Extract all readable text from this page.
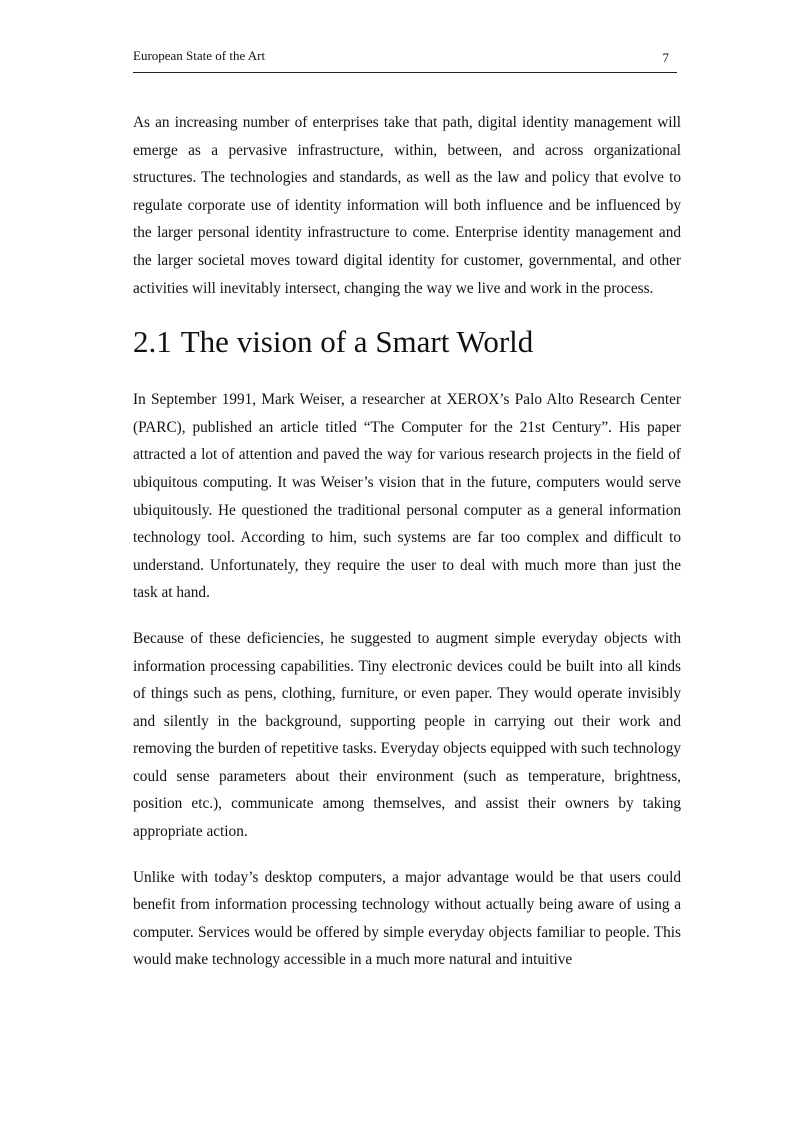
European State of the Art	7

As an increasing number of enterprises take that path, digital identity management will emerge as a pervasive infrastructure, within, between, and across organizational structures. The technologies and standards, as well as the law and policy that evolve to regulate corporate use of identity information will both influence and be influenced by the larger personal identity infrastructure to come. Enterprise identity management and the larger societal moves toward digital identity for customer, governmental, and other activities will inevitably intersect, changing the way we live and work in the process.

2.1 The vision of a Smart World

In September 1991, Mark Weiser, a researcher at XEROX’s Palo Alto Research Center (PARC), published an article titled “The Computer for the 21st Century”. His paper attracted a lot of attention and paved the way for various research projects in the field of ubiquitous computing. It was Weiser’s vision that in the future, computers would serve ubiquitously. He questioned the traditional personal computer as a general information technology tool. According to him, such systems are far too complex and difficult to understand. Unfortunately, they require the user to deal with much more than just the task at hand.

Because of these deficiencies, he suggested to augment simple everyday objects with information processing capabilities. Tiny electronic devices could be built into all kinds of things such as pens, clothing, furniture, or even paper. They would operate invisibly and silently in the background, supporting people in carrying out their work and removing the burden of repetitive tasks. Everyday objects equipped with such technology could sense parameters about their environment (such as temperature, brightness, position etc.), communicate among themselves, and assist their owners by taking appropriate action.

Unlike with today’s desktop computers, a major advantage would be that users could benefit from information processing technology without actually being aware of using a computer. Services would be offered by simple everyday objects familiar to people. This would make technology accessible in a much more natural and intuitive
